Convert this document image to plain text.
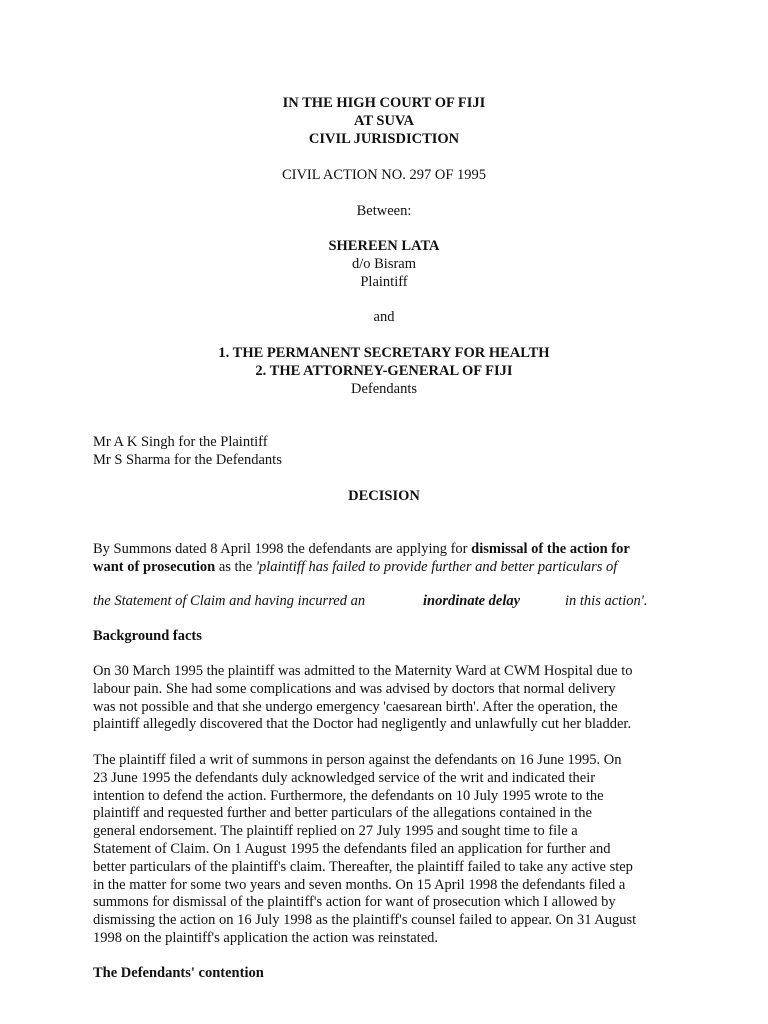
IN THE HIGH COURT OF FIJI
AT SUVA
CIVIL JURISDICTION
CIVIL ACTION NO. 297 OF 1995
Between:
SHEREEN LATA
d/o Bisram
Plaintiff
and
1. THE PERMANENT SECRETARY FOR HEALTH
2. THE ATTORNEY-GENERAL OF FIJI
Defendants
Mr A K Singh for the Plaintiff
Mr S Sharma for the Defendants
DECISION
By Summons dated 8 April 1998 the defendants are applying for dismissal of the action for
want of prosecution as the 'plaintiff has failed to provide further and better particulars of
the Statement of Claim and having incurred an	inordinate delay	in this action'.
Background facts

On 30 March 1995 the plaintiff was admitted to the Maternity Ward at CWM Hospital due to

labour pain. She had some complications and was advised by doctors that normal delivery

was not possible and that she undergo emergency 'caesarean birth'. After the operation, the

plaintiff allegedly discovered that the Doctor had negligently and unlawfully cut her bladder.

The plaintiff filed a writ of summons in person against the defendants on 16 June 1995. On

23 June 1995 the defendants duly acknowledged service of the writ and indicated their

intention to defend the action. Furthermore, the defendants on 10 July 1995 wrote to the

plaintiff and requested further and better particulars of the allegations contained in the

general endorsement. The plaintiff replied on 27 July 1995 and sought time to file a

Statement of Claim. On 1 August 1995 the defendants filed an application for further and

better particulars of the plaintiff's claim. Thereafter, the plaintiff failed to take any active step

in the matter for some two years and seven months. On 15 April 1998 the defendants filed a

summons for dismissal of the plaintiff's action for want of prosecution which I allowed by

dismissing the action on 16 July 1998 as the plaintiff's counsel failed to appear. On 31 August

1998 on the plaintiff's application the action was reinstated.

The Defendants' contention
